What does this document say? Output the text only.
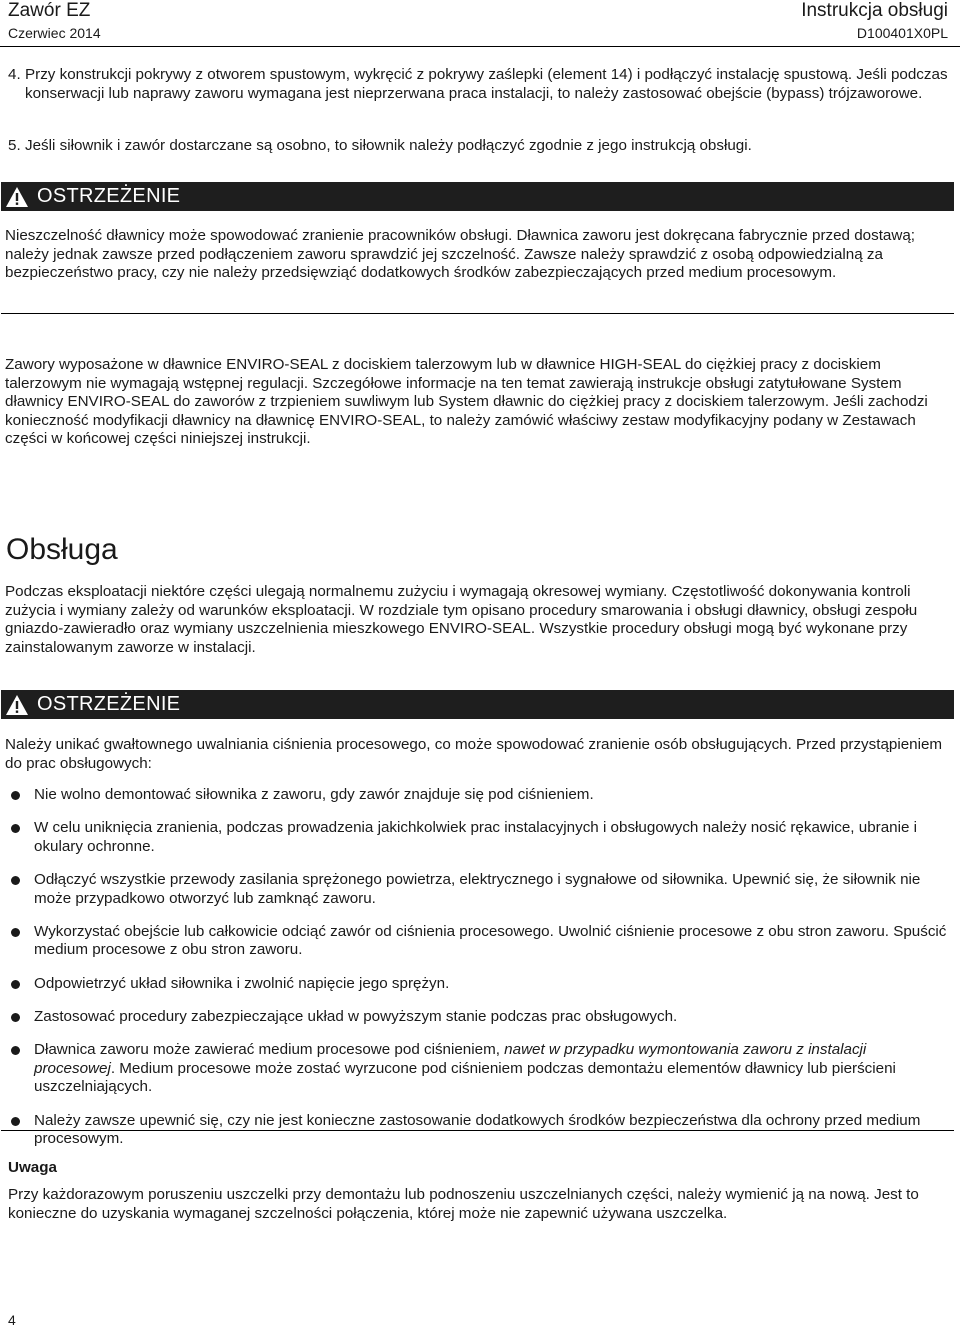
Zawór EZ
Czerwiec 2014
Instrukcja obsługi
D100401X0PL
4. Przy konstrukcji pokrywy z otworem spustowym, wykręcić z pokrywy zaślepki (element 14) i podłączyć instalację spustową. Jeśli podczas konserwacji lub naprawy zaworu wymagana jest nieprzerwana praca instalacji, to należy zastosować obejście (bypass) trójzaworowe.
5. Jeśli siłownik i zawór dostarczane są osobno, to siłownik należy podłączyć zgodnie z jego instrukcją obsługi.
OSTRZEŻENIE
Nieszczelność dławnicy może spowodować zranienie pracowników obsługi. Dławnica zaworu jest dokręcana fabrycznie przed dostawą; należy jednak zawsze przed podłączeniem zaworu sprawdzić jej szczelność. Zawsze należy sprawdzić z osobą odpowiedzialną za bezpieczeństwo pracy, czy nie należy przedsięwziąć dodatkowych środków zabezpieczających przed medium procesowym.
Zawory wyposażone w dławnice ENVIRO-SEAL z dociskiem talerzowym lub w dławnice HIGH-SEAL do ciężkiej pracy z dociskiem talerzowym nie wymagają wstępnej regulacji. Szczegółowe informacje na ten temat zawierają instrukcje obsługi zatytułowane System dławnicy ENVIRO-SEAL do zaworów z trzpieniem suwliwym lub System dławnic do ciężkiej pracy z dociskiem talerzowym. Jeśli zachodzi konieczność modyfikacji dławnicy na dławnicę ENVIRO-SEAL, to należy zamówić właściwy zestaw modyfikacyjny podany w Zestawach części w końcowej części niniejszej instrukcji.
Obsługa
Podczas eksploatacji niektóre części ulegają normalnemu zużyciu i wymagają okresowej wymiany. Częstotliwość dokonywania kontroli zużycia i wymiany zależy od warunków eksploatacji. W rozdziale tym opisano procedury smarowania i obsługi dławnicy, obsługi zespołu gniazdo-zawieradło oraz wymiany uszczelnienia mieszkowego ENVIRO-SEAL. Wszystkie procedury obsługi mogą być wykonane przy zainstalowanym zaworze w instalacji.
OSTRZEŻENIE
Należy unikać gwałtownego uwalniania ciśnienia procesowego, co może spowodować zranienie osób obsługujących. Przed przystąpieniem do prac obsługowych:
Nie wolno demontować siłownika z zaworu, gdy zawór znajduje się pod ciśnieniem.
W celu uniknięcia zranienia, podczas prowadzenia jakichkolwiek prac instalacyjnych i obsługowych należy nosić rękawice, ubranie i okulary ochronne.
Odłączyć wszystkie przewody zasilania sprężonego powietrza, elektrycznego i sygnałowe od siłownika. Upewnić się, że siłownik nie może przypadkowo otworzyć lub zamknąć zaworu.
Wykorzystać obejście lub całkowicie odciąć zawór od ciśnienia procesowego. Uwolnić ciśnienie procesowe z obu stron zaworu. Spuścić medium procesowe z obu stron zaworu.
Odpowietrzyć układ siłownika i zwolnić napięcie jego sprężyn.
Zastosować procedury zabezpieczające układ w powyższym stanie podczas prac obsługowych.
Dławnica zaworu może zawierać medium procesowe pod ciśnieniem, nawet w przypadku wymontowania zaworu z instalacji procesowej. Medium procesowe może zostać wyrzucone pod ciśnieniem podczas demontażu elementów dławnicy lub pierścieni uszczelniających.
Należy zawsze upewnić się, czy nie jest konieczne zastosowanie dodatkowych środków bezpieczeństwa dla ochrony przed medium procesowym.
Uwaga
Przy każdorazowym poruszeniu uszczelki przy demontażu lub podnoszeniu uszczelnianych części, należy wymienić ją na nową. Jest to konieczne do uzyskania wymaganej szczelności połączenia, której może nie zapewnić używana uszczelka.
4
